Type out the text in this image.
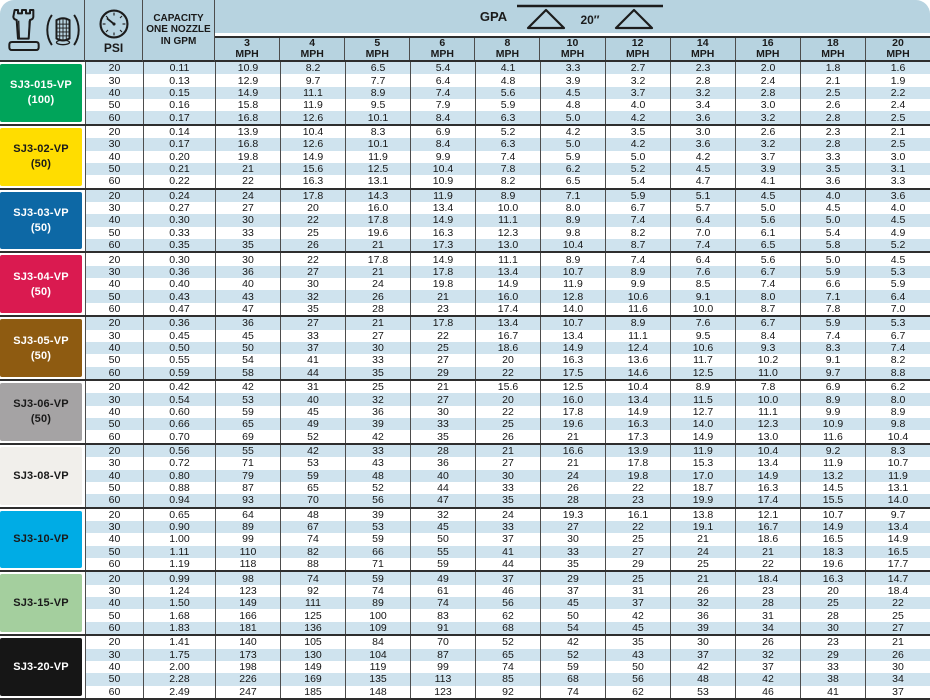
PSI
CAPACITY
ONE NOZZLE
IN GPM
GPA	20″
3
MPH
4
MPH
5
MPH
6
MPH
8
MPH
10
MPH
12
MPH
14
MPH
16
MPH
18
MPH
20
MPH
SJ3-015-VP
(100)
20	0.11	10.9	8.2	6.5	5.4	4.1	3.3	2.7	2.3	2.0	1.8	1.6
30	0.13	12.9	9.7	7.7	6.4	4.8	3.9	3.2	2.8	2.4	2.1	1.9
40	0.15	14.9	11.1	8.9	7.4	5.6	4.5	3.7	3.2	2.8	2.5	2.2
50	0.16	15.8	11.9	9.5	7.9	5.9	4.8	4.0	3.4	3.0	2.6	2.4
60	0.17	16.8	12.6	10.1	8.4	6.3	5.0	4.2	3.6	3.2	2.8	2.5
SJ3-02-VP
(50)
20	0.14	13.9	10.4	8.3	6.9	5.2	4.2	3.5	3.0	2.6	2.3	2.1
30	0.17	16.8	12.6	10.1	8.4	6.3	5.0	4.2	3.6	3.2	2.8	2.5
40	0.20	19.8	14.9	11.9	9.9	7.4	5.9	5.0	4.2	3.7	3.3	3.0
50	0.21	21	15.6	12.5	10.4	7.8	6.2	5.2	4.5	3.9	3.5	3.1
60	0.22	22	16.3	13.1	10.9	8.2	6.5	5.4	4.7	4.1	3.6	3.3
SJ3-03-VP
(50)
20	0.24	24	17.8	14.3	11.9	8.9	7.1	5.9	5.1	4.5	4.0	3.6
30	0.27	27	20	16.0	13.4	10.0	8.0	6.7	5.7	5.0	4.5	4.0
40	0.30	30	22	17.8	14.9	11.1	8.9	7.4	6.4	5.6	5.0	4.5
50	0.33	33	25	19.6	16.3	12.3	9.8	8.2	7.0	6.1	5.4	4.9
60	0.35	35	26	21	17.3	13.0	10.4	8.7	7.4	6.5	5.8	5.2
SJ3-04-VP
(50)
20	0.30	30	22	17.8	14.9	11.1	8.9	7.4	6.4	5.6	5.0	4.5
30	0.36	36	27	21	17.8	13.4	10.7	8.9	7.6	6.7	5.9	5.3
40	0.40	40	30	24	19.8	14.9	11.9	9.9	8.5	7.4	6.6	5.9
50	0.43	43	32	26	21	16.0	12.8	10.6	9.1	8.0	7.1	6.4
60	0.47	47	35	28	23	17.4	14.0	11.6	10.0	8.7	7.8	7.0
SJ3-05-VP
(50)
20	0.36	36	27	21	17.8	13.4	10.7	8.9	7.6	6.7	5.9	5.3
30	0.45	45	33	27	22	16.7	13.4	11.1	9.5	8.4	7.4	6.7
40	0.50	50	37	30	25	18.6	14.9	12.4	10.6	9.3	8.3	7.4
50	0.55	54	41	33	27	20	16.3	13.6	11.7	10.2	9.1	8.2
60	0.59	58	44	35	29	22	17.5	14.6	12.5	11.0	9.7	8.8
SJ3-06-VP
(50)
20	0.42	42	31	25	21	15.6	12.5	10.4	8.9	7.8	6.9	6.2
30	0.54	53	40	32	27	20	16.0	13.4	11.5	10.0	8.9	8.0
40	0.60	59	45	36	30	22	17.8	14.9	12.7	11.1	9.9	8.9
50	0.66	65	49	39	33	25	19.6	16.3	14.0	12.3	10.9	9.8
60	0.70	69	52	42	35	26	21	17.3	14.9	13.0	11.6	10.4
SJ3-08-VP
20	0.56	55	42	33	28	21	16.6	13.9	11.9	10.4	9.2	8.3
30	0.72	71	53	43	36	27	21	17.8	15.3	13.4	11.9	10.7
40	0.80	79	59	48	40	30	24	19.8	17.0	14.9	13.2	11.9
50	0.88	87	65	52	44	33	26	22	18.7	16.3	14.5	13.1
60	0.94	93	70	56	47	35	28	23	19.9	17.4	15.5	14.0
SJ3-10-VP
20	0.65	64	48	39	32	24	19.3	16.1	13.8	12.1	10.7	9.7
30	0.90	89	67	53	45	33	27	22	19.1	16.7	14.9	13.4
40	1.00	99	74	59	50	37	30	25	21	18.6	16.5	14.9
50	1.11	110	82	66	55	41	33	27	24	21	18.3	16.5
60	1.19	118	88	71	59	44	35	29	25	22	19.6	17.7
SJ3-15-VP
20	0.99	98	74	59	49	37	29	25	21	18.4	16.3	14.7
30	1.24	123	92	74	61	46	37	31	26	23	20	18.4
40	1.50	149	111	89	74	56	45	37	32	28	25	22
50	1.68	166	125	100	83	62	50	42	36	31	28	25
60	1.83	181	136	109	91	68	54	45	39	34	30	27
SJ3-20-VP
20	1.41	140	105	84	70	52	42	35	30	26	23	21
30	1.75	173	130	104	87	65	52	43	37	32	29	26
40	2.00	198	149	119	99	74	59	50	42	37	33	30
50	2.28	226	169	135	113	85	68	56	48	42	38	34
60	2.49	247	185	148	123	92	74	62	53	46	41	37
